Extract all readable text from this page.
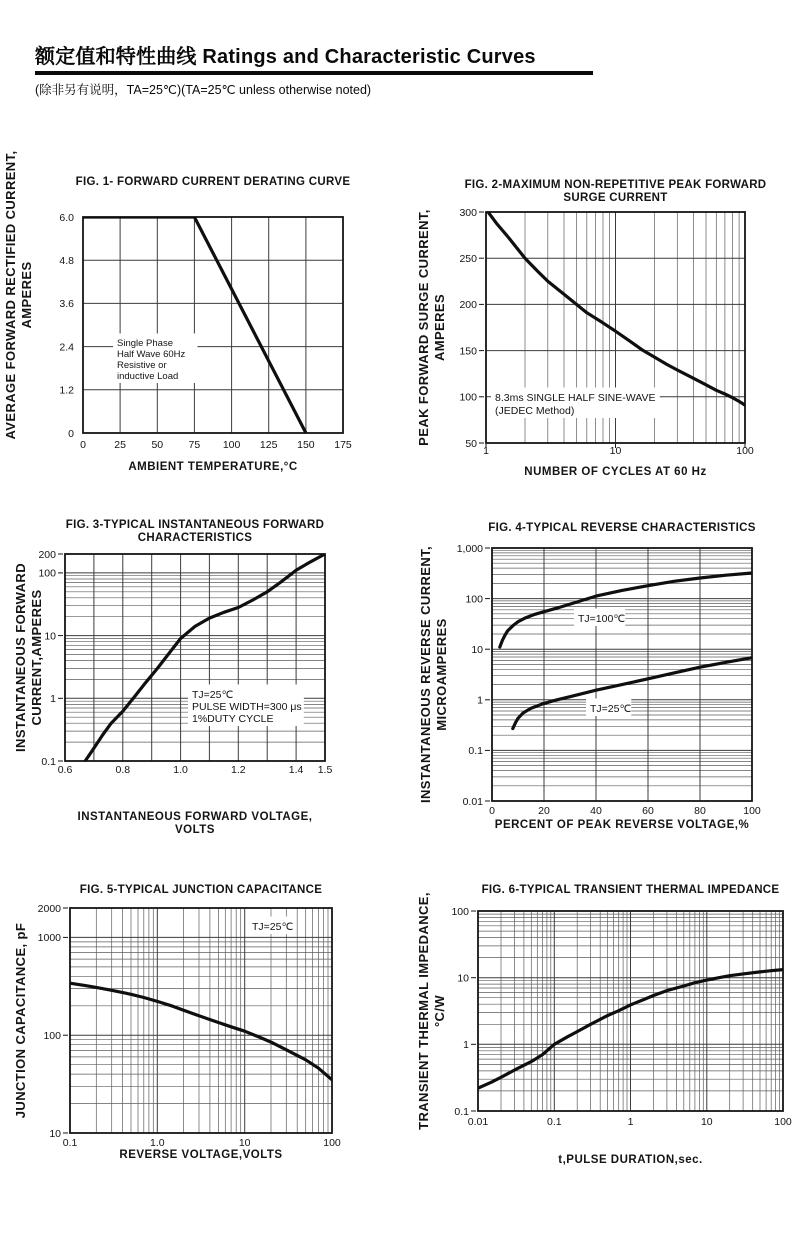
额定值和特性曲线 Ratings and Characteristic Curves
(除非另有说明，TA=25℃)(TA=25℃ unless otherwise noted)
Single Phase
Half Wave 60Hz
Resistive or
inductive Load
0	25 50 75 100 125 150 175
0
1.2
2.4
3.6
4.8
6.0
FIG. 1- FORWARD CURRENT DERATING CURVE
AMBIENT TEMPERATURE,°C
AVERAGE FORWARD RECTIFIED CURRENT, AMPERES
8.3ms SINGLE HALF SINE-WAVE
(JEDEC Method)
1	10	100
50
100
150
200
250
300
FIG. 2-MAXIMUM NON-REPETITIVE PEAK FORWARD
SURGE CURRENT
NUMBER OF CYCLES AT 60 Hz
PEAK FORWARD SURGE CURRENT, AMPERES
TJ=25℃
PULSE WIDTH=300 μs
1%DUTY CYCLE
0.6	0.8	1.0	1.2	1.4 1.5
0.1
1
10
100
200
FIG. 3-TYPICAL INSTANTANEOUS FORWARD
CHARACTERISTICS
INSTANTANEOUS FORWARD VOLTAGE,
VOLTS
INSTANTANEOUS FORWARD CURRENT,AMPERES	TJ=100℃
TJ=25℃
0	20	40	60	80	100
0.01
0.1
1
10
100
1,000
FIG. 4-TYPICAL REVERSE CHARACTERISTICS
PERCENT OF PEAK REVERSE VOLTAGE,%
INSTANTANEOUS REVERSE CURRENT, MICROAMPERES
TJ=25℃
0.1	1.0	10	100
10
100
1000
2000
FIG. 5-TYPICAL JUNCTION CAPACITANCE
REVERSE VOLTAGE,VOLTS
JUNCTION CAPACITANCE, pF
0.01	0.1	1	10	100
0.1
1
10
100
FIG. 6-TYPICAL TRANSIENT THERMAL IMPEDANCE
t,PULSE DURATION,sec.
TRANSIENT THERMAL IMPEDANCE, °C/W
